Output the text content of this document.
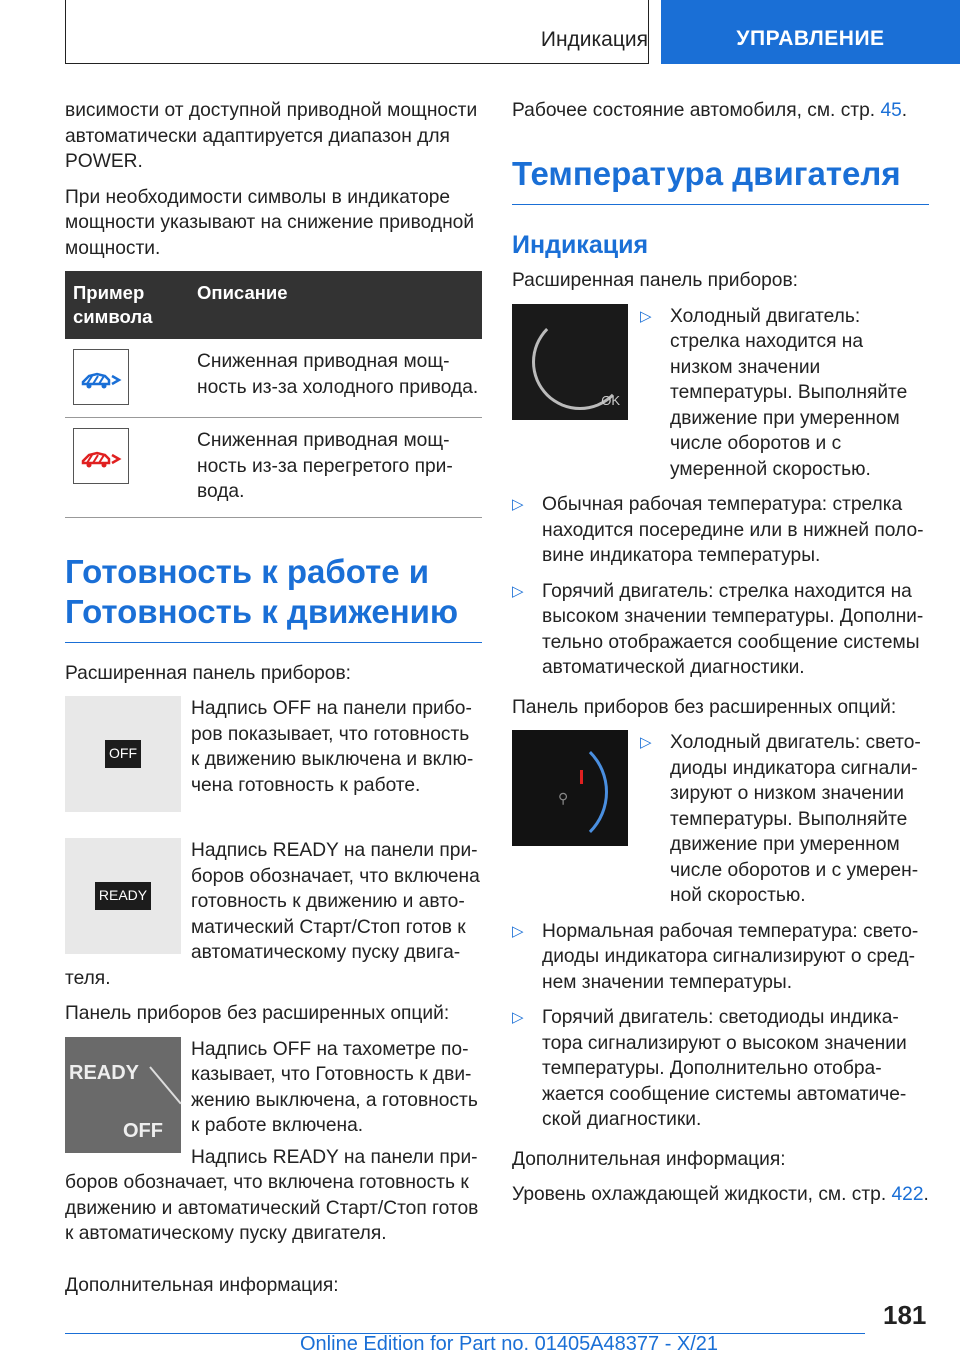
Индикация	УПРАВЛЕНИЕ

висимости от доступной приводной мощности автоматически адаптируется диапазон для POWER.

При необходимости символы в индикаторе мощности указывают на снижение приводной мощности.

Пример символа	Описание

	Сниженная приводная мощность из-за холодного привода.

	Сниженная приводная мощность из-за перегретого привода.
Готовность к работе и Готовность к движению

Расширенная панель приборов:

OFF

Надпись OFF на панели приборов показывает, что готовность к движению выключена и включена готовность к работе.

READY

Надпись READY на панели приборов обозначает, что включена готовность к движению и автоматический Старт/Стоп готов к автоматическому пуску двигателя.

Панель приборов без расширенных опций:

READY
OFF

Надпись OFF на тахометре показывает, что Готовность к движению выключена, а готовность к работе включена.

Надпись READY на панели приборов обозначает, что включена готовность к движению и автоматический Старт/Стоп готов к автоматическому пуску двигателя.

Дополнительная информация:

Рабочее состояние автомобиля, см. стр. 45.

Температура двигателя
Индикация

Расширенная панель приборов:

OK
▷ Холодный двигатель: стрелка находится на низком значении температуры. Выполняйте движение при умеренном числе оборотов и с умеренной скоростью.
▷ Обычная рабочая температура: стрелка находится посередине или в нижней половине индикатора температуры.
▷ Горячий двигатель: стрелка находится на высоком значении температуры. Дополнительно отображается сообщение системы автоматической диагностики.

Панель приборов без расширенных опций:

⚲
▷ Холодный двигатель: светодиоды индикатора сигнализируют о низком значении температуры. Выполняйте движение при умеренном числе оборотов и с умеренной скоростью.
▷ Нормальная рабочая температура: светодиоды индикатора сигнализируют о среднем значении температуры.
▷ Горячий двигатель: светодиоды индикатора сигнализируют о высоком значении температуры. Дополнительно отображается сообщение системы автоматической диагностики.

Дополнительная информация:

Уровень охлаждающей жидкости, см. стр. 422.

181
Online Edition for Part no. 01405A48377 - X/21
